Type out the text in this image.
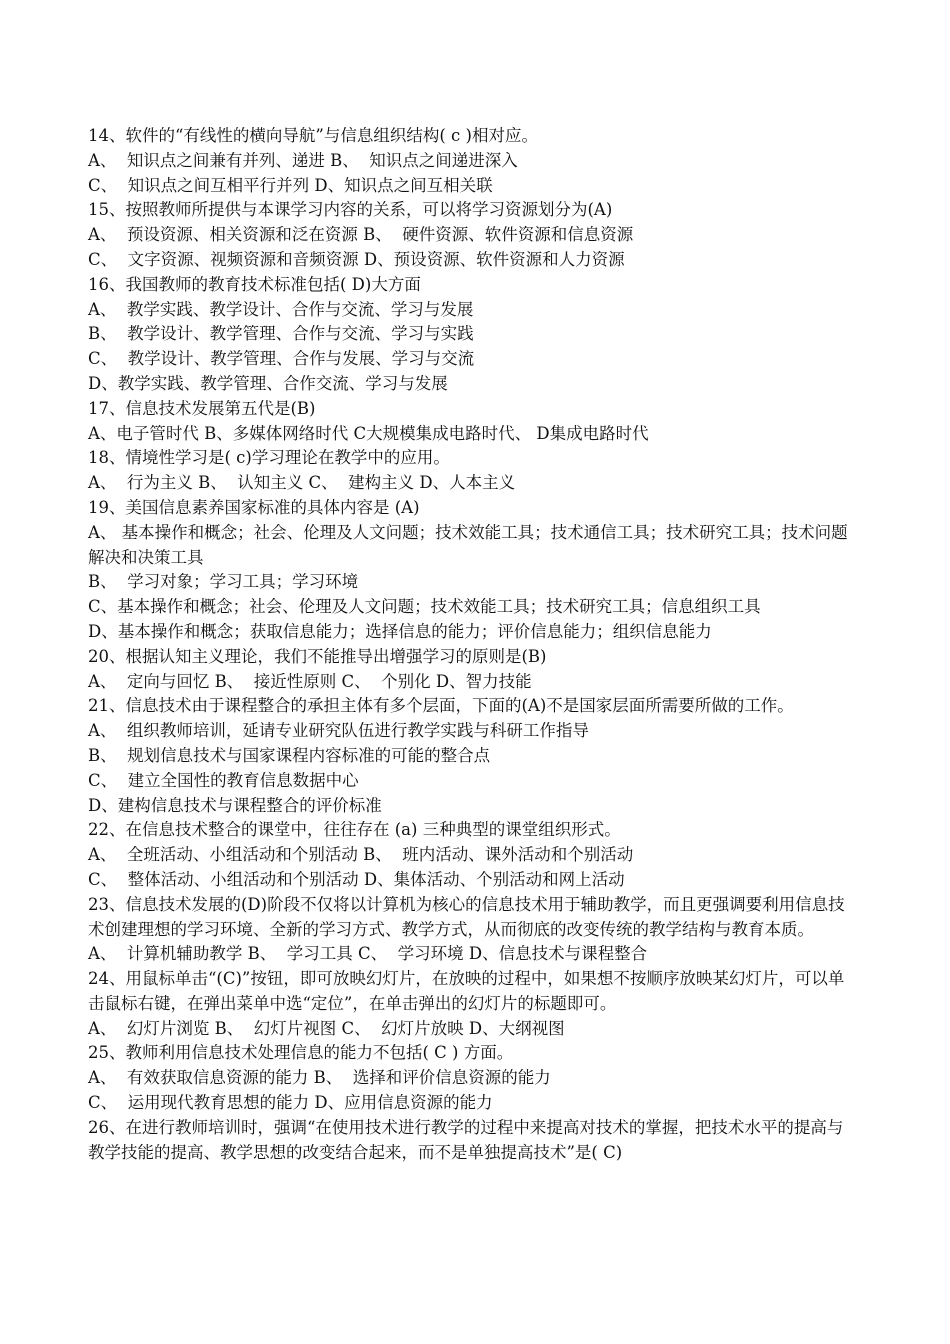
14、软件的“有线性的横向导航”与信息组织结构( c )相对应。
A、  知识点之间兼有并列、递进 B、  知识点之间递进深入
C、  知识点之间互相平行并列 D、知识点之间互相关联
15、按照教师所提供与本课学习内容的关系，可以将学习资源划分为(A)
A、  预设资源、相关资源和泛在资源 B、  硬件资源、软件资源和信息资源
C、  文字资源、视频资源和音频资源 D、预设资源、软件资源和人力资源
16、我国教师的教育技术标准包括( D)大方面
A、  教学实践、教学设计、合作与交流、学习与发展
B、  教学设计、教学管理、合作与交流、学习与实践
C、  教学设计、教学管理、合作与发展、学习与交流
D、教学实践、教学管理、合作交流、学习与发展
17、信息技术发展第五代是(B)
A、电子管时代 B、多媒体网络时代 C大规模集成电路时代、 D集成电路时代
18、情境性学习是( c)学习理论在教学中的应用。
A、  行为主义 B、  认知主义 C、  建构主义 D、人本主义
19、美国信息素养国家标准的具体内容是 (A)
A、 基本操作和概念；社会、伦理及人文问题；技术效能工具；技术通信工具；技术研究工具；技术问题解决和决策工具
B、  学习对象；学习工具；学习环境
C、基本操作和概念；社会、伦理及人文问题；技术效能工具；技术研究工具；信息组织工具
D、基本操作和概念；获取信息能力；选择信息的能力；评价信息能力；组织信息能力
20、根据认知主义理论，我们不能推导出增强学习的原则是(B)
A、  定向与回忆 B、  接近性原则 C、  个别化 D、智力技能
21、信息技术由于课程整合的承担主体有多个层面，下面的(A)不是国家层面所需要所做的工作。
A、  组织教师培训，延请专业研究队伍进行教学实践与科研工作指导
B、  规划信息技术与国家课程内容标准的可能的整合点
C、  建立全国性的教育信息数据中心
D、建构信息技术与课程整合的评价标准
22、在信息技术整合的课堂中，往往存在 (a) 三种典型的课堂组织形式。
A、  全班活动、小组活动和个别活动 B、  班内活动、课外活动和个别活动
C、  整体活动、小组活动和个别活动 D、集体活动、个别活动和网上活动
23、信息技术发展的(D)阶段不仅将以计算机为核心的信息技术用于辅助教学，而且更强调要利用信息技术创建理想的学习环境、全新的学习方式、教学方式，从而彻底的改变传统的教学结构与教育本质。
A、  计算机辅助教学 B、  学习工具 C、  学习环境 D、信息技术与课程整合
24、用鼠标单击“(C)”按钮，即可放映幻灯片，在放映的过程中，如果想不按顺序放映某幻灯片，可以单击鼠标右键，在弹出菜单中选“定位”，在单击弹出的幻灯片的标题即可。
A、  幻灯片浏览 B、  幻灯片视图 C、  幻灯片放映 D、大纲视图
25、教师利用信息技术处理信息的能力不包括( C ) 方面。
A、  有效获取信息资源的能力 B、  选择和评价信息资源的能力
C、  运用现代教育思想的能力 D、应用信息资源的能力
26、在进行教师培训时，强调“在使用技术进行教学的过程中来提高对技术的掌握，把技术水平的提高与教学技能的提高、教学思想的改变结合起来，而不是单独提高技术”是( C)
